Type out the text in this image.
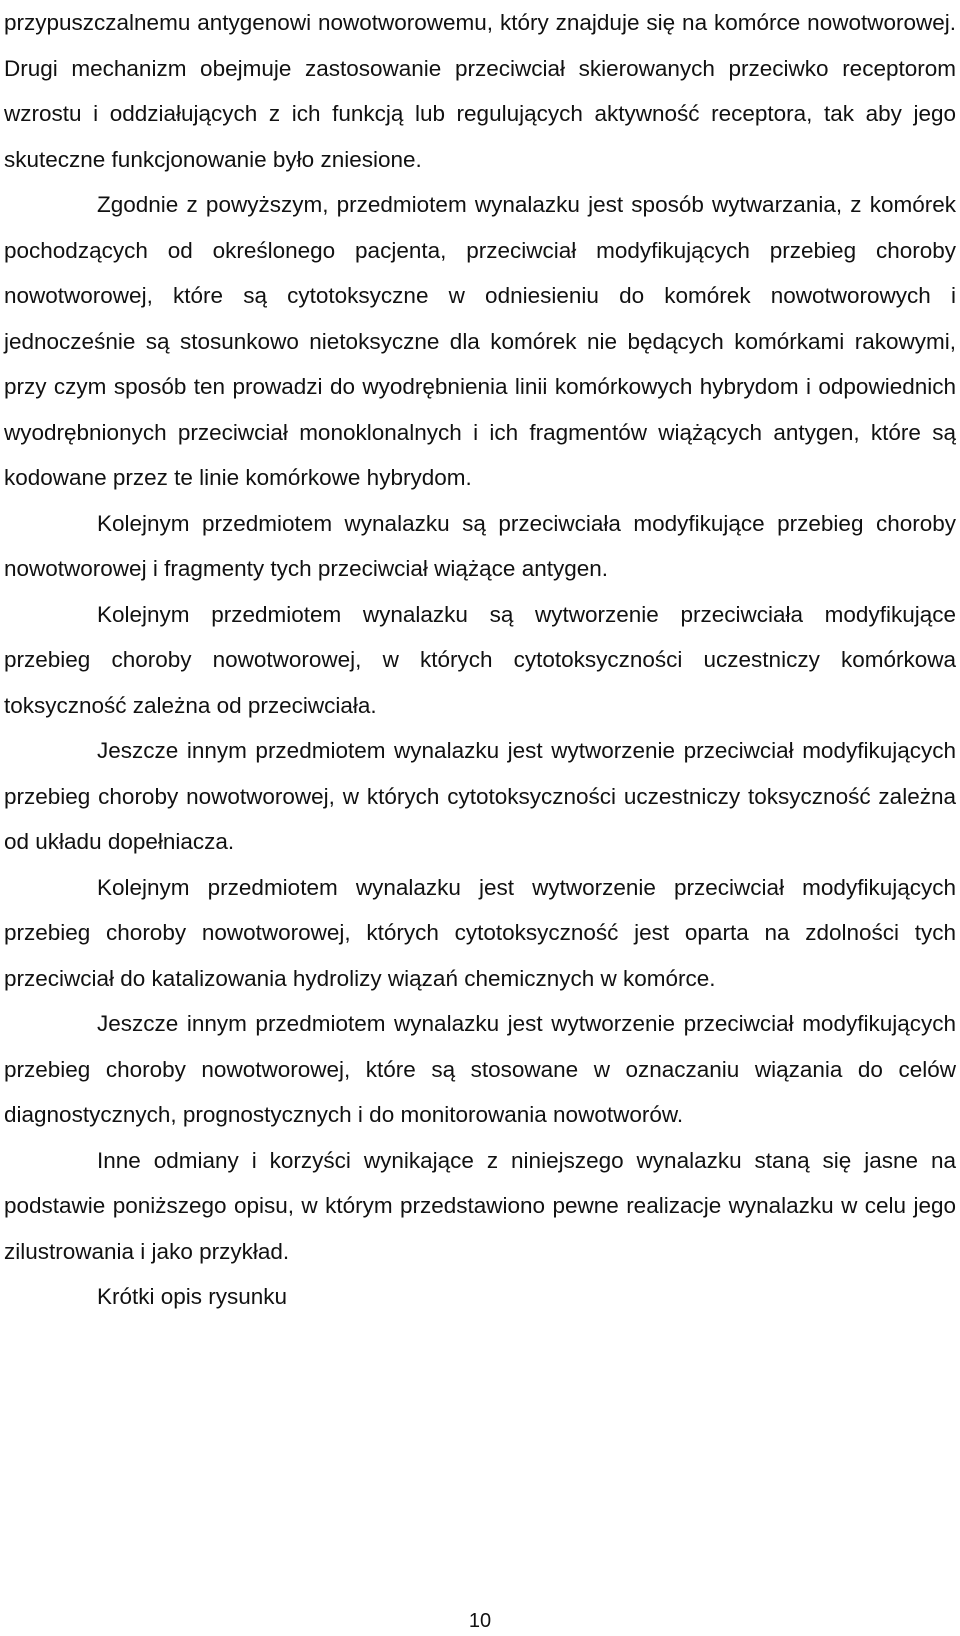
przypuszczalnemu antygenowi nowotworowemu, który znajduje się na komórce nowotworowej. Drugi mechanizm obejmuje zastosowanie przeciwciał skierowanych przeciwko receptorom wzrostu i oddziałujących z ich funkcją lub regulujących aktywność receptora, tak aby jego skuteczne funkcjonowanie było zniesione.

Zgodnie z powyższym, przedmiotem wynalazku jest sposób wytwarzania, z komórek pochodzących od określonego pacjenta, przeciwciał modyfikujących przebieg choroby nowotworowej, które są cytotoksyczne w odniesieniu do komórek nowotworowych i jednocześnie są stosunkowo nietoksyczne dla komórek nie będących komórkami rakowymi, przy czym sposób ten prowadzi do wyodrębnienia linii komórkowych hybrydom i odpowiednich wyodrębnionych przeciwciał monoklonalnych i ich fragmentów wiążących antygen, które są kodowane przez te linie komórkowe hybrydom.

Kolejnym przedmiotem wynalazku są przeciwciała modyfikujące przebieg choroby nowotworowej i fragmenty tych przeciwciał wiążące antygen.

Kolejnym przedmiotem wynalazku są wytworzenie przeciwciała modyfikujące przebieg choroby nowotworowej, w których cytotoksyczności uczestniczy komórkowa toksyczność zależna od przeciwciała.

Jeszcze innym przedmiotem wynalazku jest wytworzenie przeciwciał modyfikujących przebieg choroby nowotworowej, w których cytotoksyczności uczestniczy toksyczność zależna od układu dopełniacza.

Kolejnym przedmiotem wynalazku jest wytworzenie przeciwciał modyfikujących przebieg choroby nowotworowej, których cytotoksyczność jest oparta na zdolności tych przeciwciał do katalizowania hydrolizy wiązań chemicznych w komórce.

Jeszcze innym przedmiotem wynalazku jest wytworzenie przeciwciał modyfikujących przebieg choroby nowotworowej, które są stosowane w oznaczaniu wiązania do celów diagnostycznych, prognostycznych i do monitorowania nowotworów.

Inne odmiany i korzyści wynikające z niniejszego wynalazku staną się jasne na podstawie poniższego opisu, w którym przedstawiono pewne realizacje wynalazku w celu jego zilustrowania i jako przykład.

Krótki opis rysunku

10
